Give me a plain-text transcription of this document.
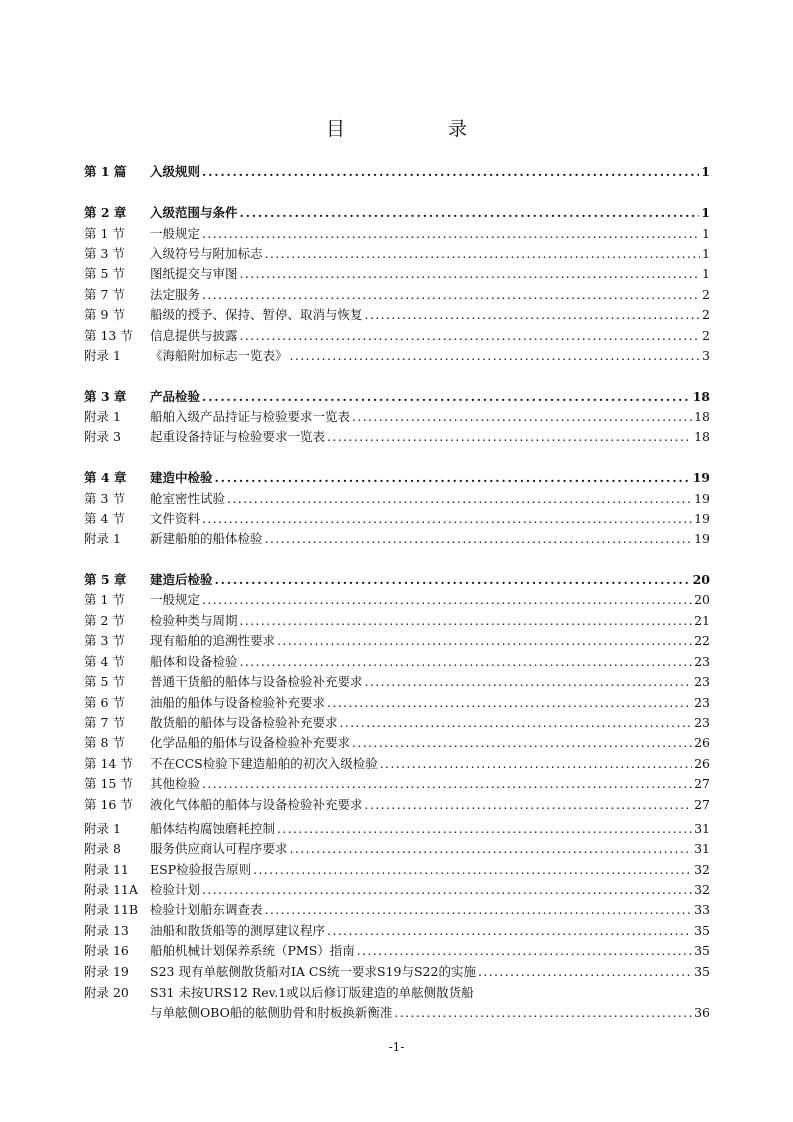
目　录
第 1 篇	入级规则 . . .	1
第 2 章	入级范围与条件 . . .	1
第 1 节	一般规定 . . .	1
第 3 节	入级符号与附加标志 . . .	1
第 5 节	图纸提交与审图 . . .	1
第 7 节	法定服务 . . .	2
第 9 节	船级的授予、保持、暂停、取消与恢复 . . .	2
第 13 节	信息提供与披露 . . .	2
附录 1	《海船附加标志一览表》 . . .	3
第 3 章	产品检验 . . .	18
附录 1	船舶入级产品持证与检验要求一览表 . . .	18
附录 3	起重设备持证与检验要求一览表 . . .	18
第 4 章	建造中检验 . . .	19
第 3 节	舱室密性试验 . . .	19
第 4 节	文件资料 . . .	19
附录 1	新建船舶的船体检验 . . .	19
第 5 章	建造后检验 . . .	20
第 1 节	一般规定 . . .	20
第 2 节	检验种类与周期 . . .	21
第 3 节	现有船舶的追溯性要求 . . .	22
第 4 节	船体和设备检验 . . .	23
第 5 节	普通干货船的船体与设备检验补充要求 . . .	23
第 6 节	油船的船体与设备检验补充要求 . . .	23
第 7 节	散货船的船体与设备检验补充要求 . . .	23
第 8 节	化学品船的船体与设备检验补充要求 . . .	26
第 14 节	不在CCS检验下建造船舶的初次入级检验 . . .	26
第 15 节	其他检验 . . .	27
第 16 节	液化气体船的船体与设备检验补充要求 . . .	27
附录 1	船体结构腐蚀磨耗控制 . . .	31
附录 8	服务供应商认可程序要求 . . .	31
附录 11	ESP检验报告原则 . . .	32
附录 11A 检验计划 . . .	32
附录 11B 检验计划船东调查表 . . .	33
附录 13	油船和散货船等的测厚建议程序 . . .	35
附录 16	船舶机械计划保养系统（PMS）指南 . . .	35
附录 19	S23 现有单舷侧散货船对IA CS统一要求S19与S22的实施 . . .	35
附录 20	S31 未按URS12 Rev.1或以后修订版建造的单舷侧散货船
与单舷侧OBO船的舷侧肋骨和肘板换新衡准 . . .	36
-1-
